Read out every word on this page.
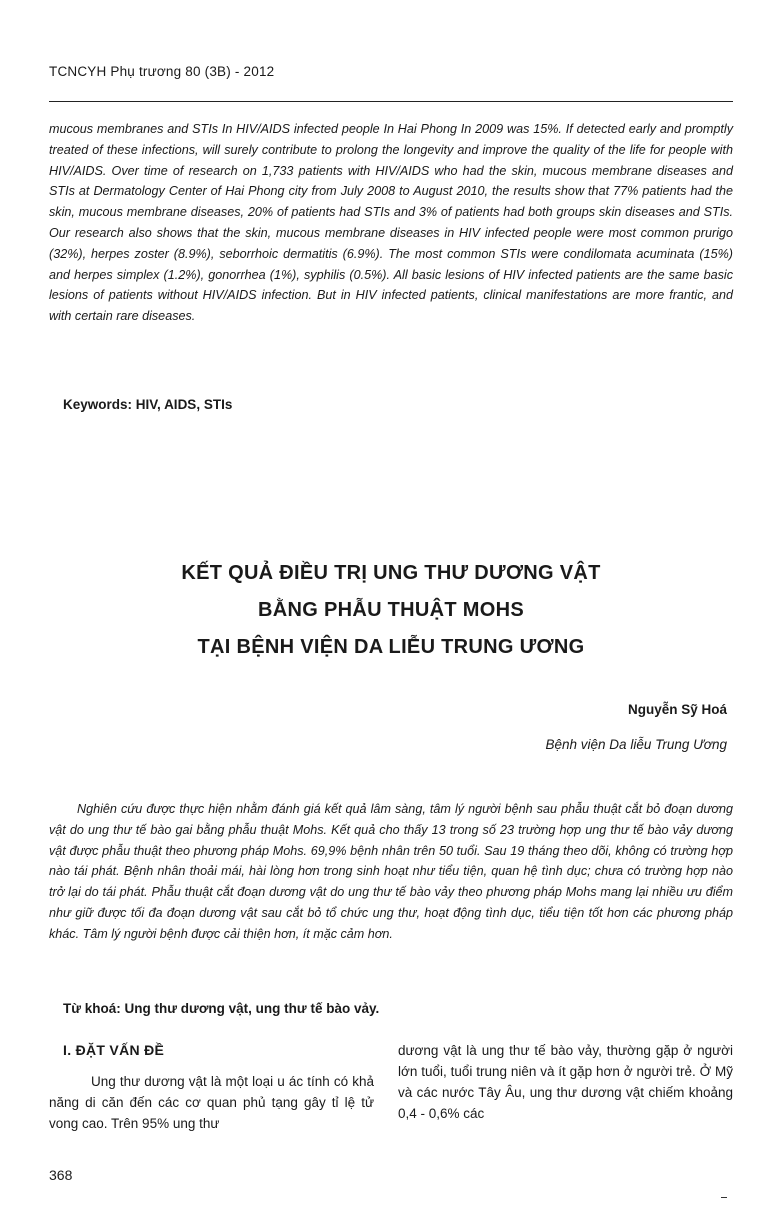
TCNCYH Phụ trương 80 (3B) - 2012

mucous membranes and STIs In HIV/AIDS infected people In Hai Phong In 2009 was 15%. If detected early and promptly treated of these infections, will surely contribute to prolong the longevity and improve the quality of the life for people with HIV/AIDS. Over time of research on 1,733 patients with HIV/AIDS who had the skin, mucous membrane diseases and STIs at Dermatology Center of Hai Phong city from July 2008 to August 2010, the results show that 77% patients had the skin, mucous membrane diseases, 20% of patients had STIs and 3% of patients had both groups skin diseases and STIs. Our research also shows that the skin, mucous membrane diseases in HIV infected people were most common prurigo (32%), herpes zoster (8.9%), seborrhoic dermatitis (6.9%). The most common STIs were condilomata acuminata (15%) and herpes simplex (1.2%), gonorrhea (1%), syphilis (0.5%). All basic lesions of HIV infected patients are the same basic lesions of patients without HIV/AIDS infection. But in HIV infected patients, clinical manifestations are more frantic, and with certain rare diseases.

Keywords: HIV, AIDS, STIs

KẾT QUẢ ĐIỀU TRỊ UNG THƯ DƯƠNG VẬT
BẰNG PHẪU THUẬT MOHS
TẠI BỆNH VIỆN DA LIỄU TRUNG ƯƠNG
Nguyễn Sỹ Hoá
Bệnh viện Da liễu Trung Ương

Nghiên cứu được thực hiện nhằm đánh giá kết quả lâm sàng, tâm lý người bệnh sau phẫu thuật cắt bỏ đoạn dương vật do ung thư tế bào gai bằng phẫu thuật Mohs. Kết quả cho thấy 13 trong số 23 trường hợp ung thư tế bào vảy dương vật được phẫu thuật theo phương pháp Mohs. 69,9% bệnh nhân trên 50 tuổi. Sau 19 tháng theo dõi, không có trường hợp nào tái phát. Bệnh nhân thoải mái, hài lòng hơn trong sinh hoạt như tiểu tiện, quan hệ tình dục; chưa có trường hợp nào trở lại do tái phát. Phẫu thuật cắt đoạn dương vật do ung thư tế bào vảy theo phương pháp Mohs mang lại nhiều ưu điểm như giữ được tối đa đoạn dương vật sau cắt bỏ tổ chức ung thư, hoạt động tình dục, tiểu tiện tốt hơn các phương pháp khác. Tâm lý người bệnh được cải thiện hơn, ít mặc cảm hơn.

Từ khoá: Ung thư dương vật, ung thư tế bào vảy.

I. ĐẶT VẤN ĐỀ

Ung thư dương vật là một loại u ác tính có khả năng di căn đến các cơ quan phủ tạng gây tỉ lệ tử vong cao. Trên 95% ung thư

dương vật là ung thư tế bào vảy, thường gặp ở người lớn tuổi, tuổi trung niên và ít gặp hơn ở người trẻ. Ở Mỹ và các nước Tây Âu, ung thư dương vật chiếm khoảng 0,4 - 0,6% các

368
